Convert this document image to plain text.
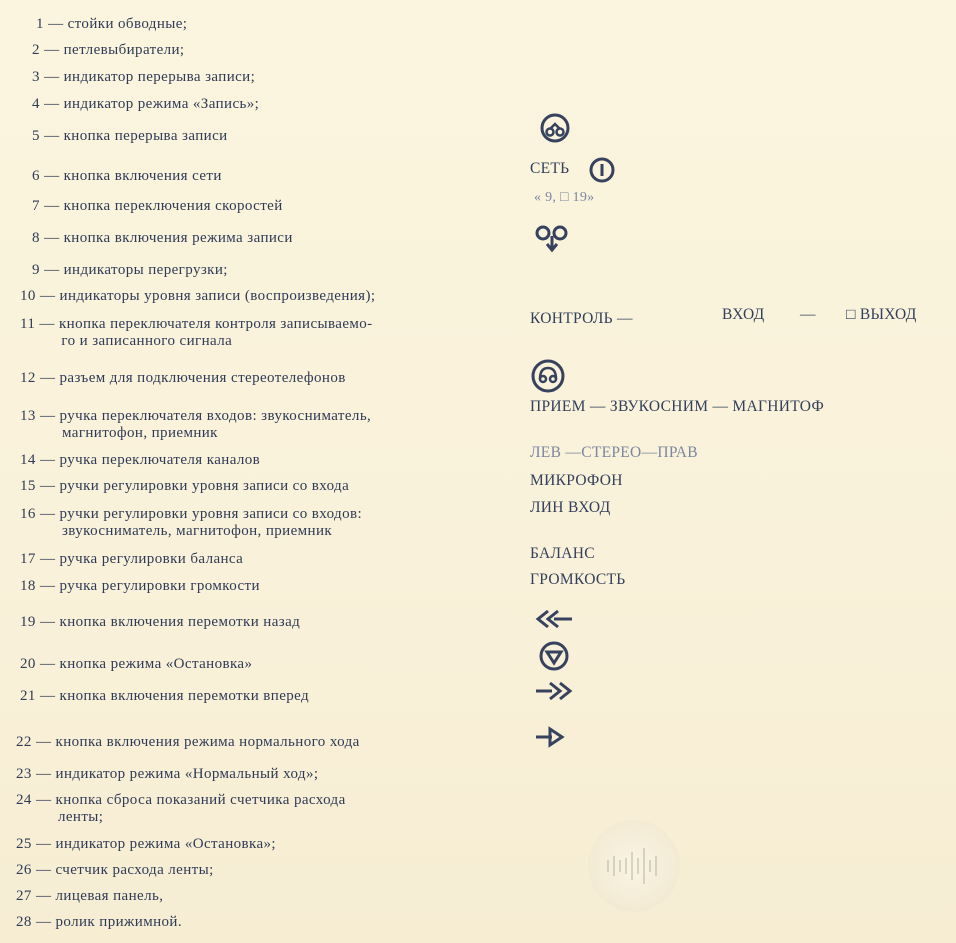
1 — стойки обводные;
2 — петлевыбиратели;
3 — индикатор перерыва записи;
4 — индикатор режима «Запись»;
5 — кнопка перерыва записи
6 — кнопка включения сети
7 — кнопка переключения скоростей
8 — кнопка включения режима записи
9 — индикаторы перегрузки;
10 — индикаторы уровня записи (воспроизведения);
11 — кнопка переключателя контроля записываемо-
го и записанного сигнала
12 — разъем для подключения стереотелефонов
13 — ручка переключателя входов: звукосниматель,
магнитофон, приемник
14 — ручка переключателя каналов
15 — ручки регулировки уровня записи со входа
16 — ручки регулировки уровня записи со входов:
звукосниматель, магнитофон, приемник
17 — ручка регулировки баланса
18 — ручка регулировки громкости
19 — кнопка включения перемотки назад
20 — кнопка режима «Остановка»
21 — кнопка включения перемотки вперед
22 — кнопка включения режима нормального хода
23 — индикатор режима «Нормальный ход»;
24 — кнопка сброса показаний счетчика расхода
ленты;
25 — индикатор режима «Остановка»;
26 — счетчик расхода ленты;
27 — лицевая панель,
28 — ролик прижимной.
СЕТЬ
« 9, □ 19»
КОНТРОЛЬ —	ВХОД — □ ВЫХОД
ПРИЕМ — ЗВУКОСНИМ — МАГНИТОФ
ЛЕВ —СТЕРЕО—ПРАВ
МИКРОФОН
ЛИН ВХОД
БАЛАНС
ГРОМКОСТЬ
